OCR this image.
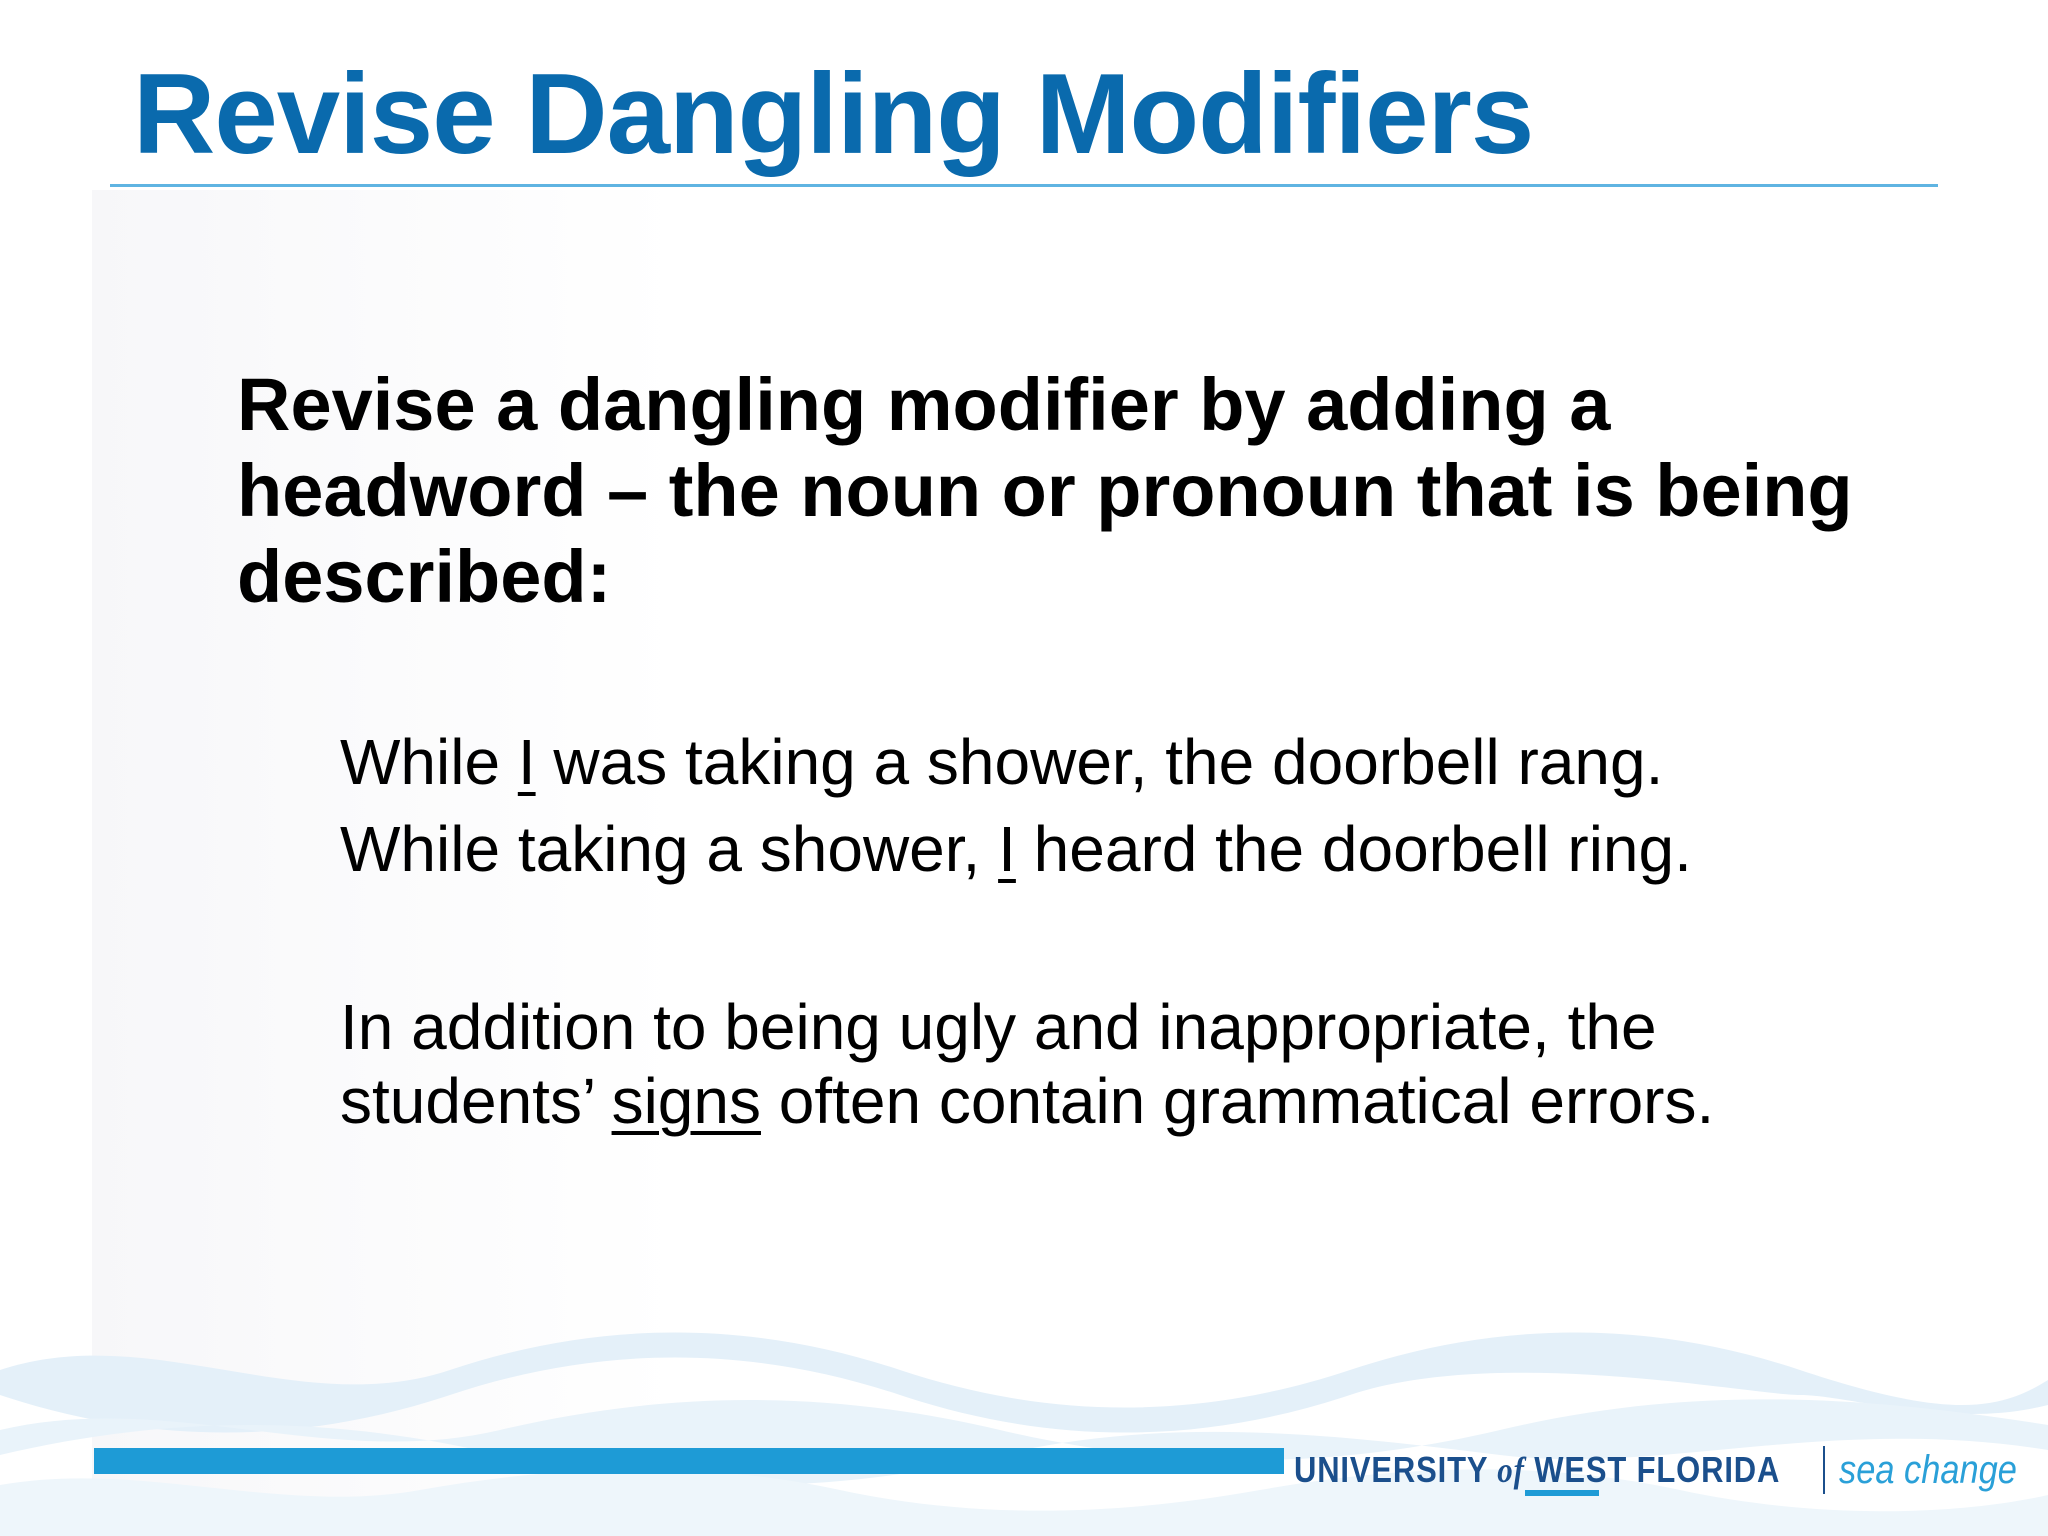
Revise Dangling Modifiers

Revise a dangling modifier by adding a headword – the noun or pronoun that is being described:

While I was taking a shower, the doorbell rang.

While taking a shower, I heard the doorbell ring.

In addition to being ugly and inappropriate, the students’ signs often contain grammatical errors.

UNIVERSITY of WEST FLORIDA sea change
